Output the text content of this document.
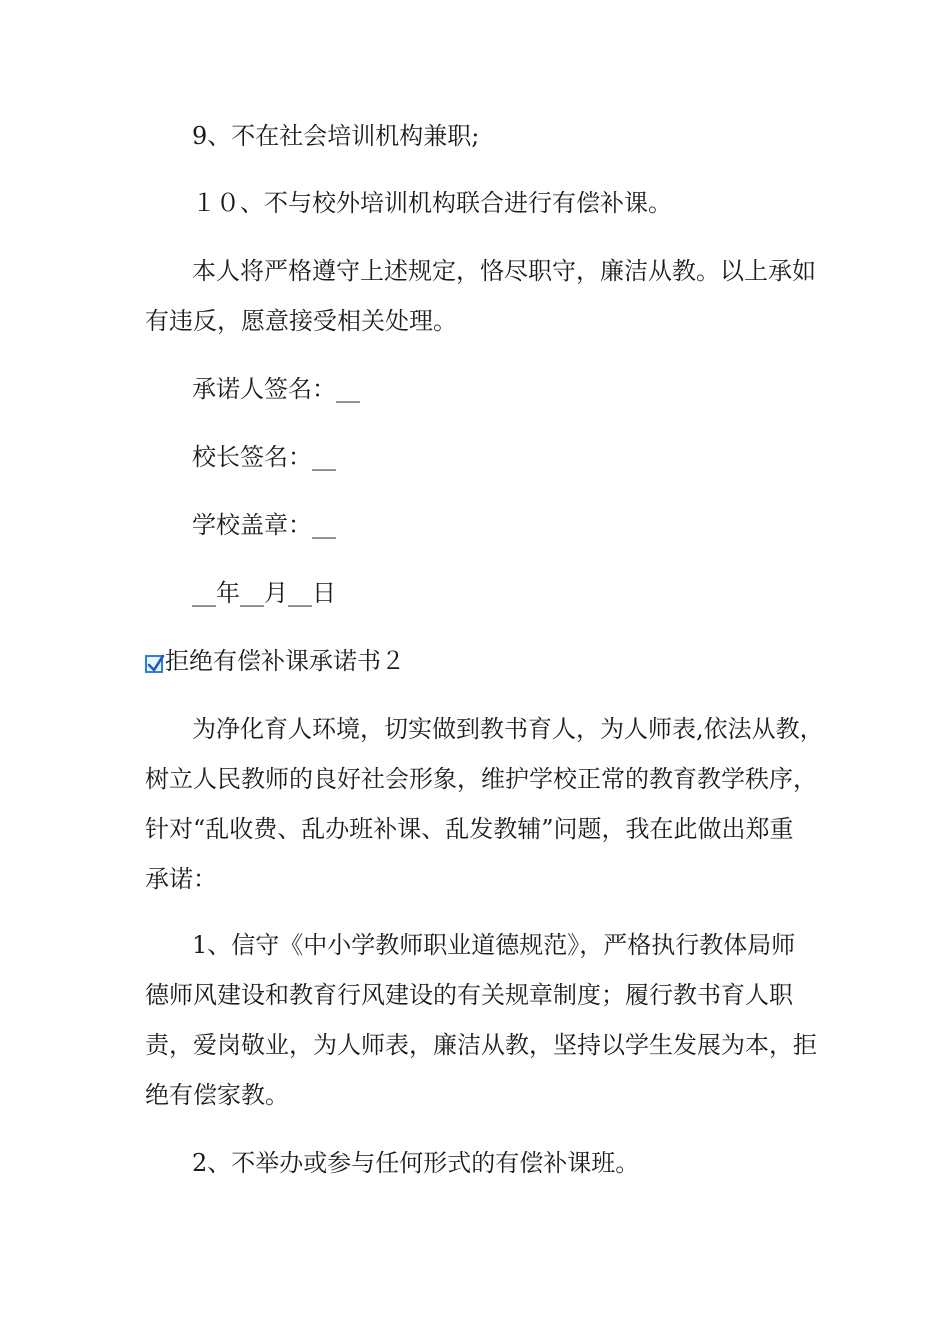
9、不在社会培训机构兼职;
１０、不与校外培训机构联合进行有偿补课。
本人将严格遵守上述规定，恪尽职守，廉洁从教。以上承如
有违反，愿意接受相关处理。
承诺人签名：__
校长签名：__
学校盖章：__
__年__月__日
拒绝有偿补课承诺书２
为净化育人环境，切实做到教书育人，为人师表,依法从教，
树立人民教师的良好社会形象，维护学校正常的教育教学秩序，
针对“乱收费、乱办班补课、乱发教辅”问题，我在此做出郑重
承诺：
1、信守《中小学教师职业道德规范》，严格执行教体局师
德师风建设和教育行风建设的有关规章制度；履行教书育人职
责，爱岗敬业，为人师表，廉洁从教，坚持以学生发展为本，拒
绝有偿家教。
2、不举办或参与任何形式的有偿补课班。
